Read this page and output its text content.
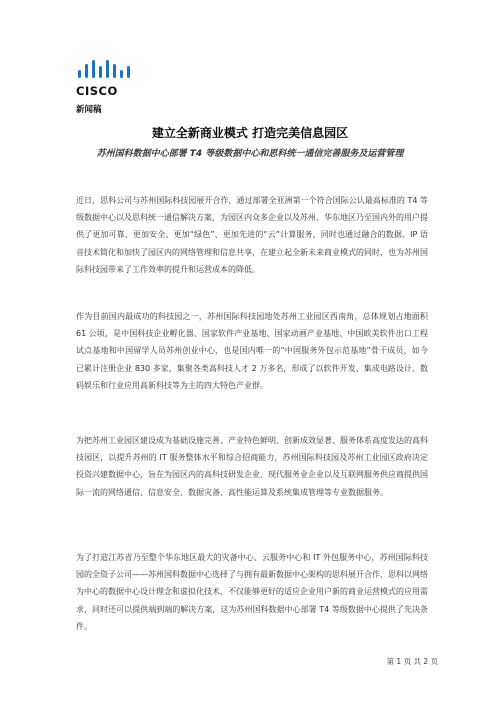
CISCO
新闻稿
建立全新商业模式 打造完美信息园区
苏州国科数据中心部署 T4 等级数据中心和思科统一通信完善服务及运营管理

近日，思科公司与苏州国际科技园展开合作，通过部署全亚洲第一个符合国际公认最高标准的 T4 等级数据中心以及思科统一通信解决方案，为园区内众多企业以及苏州、华东地区乃至国内外的用户提供了更加可靠、更加安全、更加“绿色”、更加先进的“云”计算服务，同时也通过融合的数据、IP 语音技术简化和加快了园区内的网络管理和信息共享，在建立起全新未来商业模式的同时，也为苏州国际科技园带来了工作效率的提升和运营成本的降低。

作为目前国内最成功的科技园之一，苏州国际科技园地处苏州工业园区西南角，总体规划占地面积 61 公顷，是中国科技企业孵化器、国家软件产业基地、国家动画产业基地、中国欧美软件出口工程试点基地和中国留学人员苏州创业中心，也是国内唯一的“中国服务外包示范基地”骨干成员，如今已累计注册企业 830 多家，集聚各类高科技人才 2 万多名，形成了以软件开发、集成电路设计、数码娱乐和行业应用高新科技等为主的四大特色产业群。

为把苏州工业园区建设成为基础设施完善、产业特色鲜明、创新成效显著、服务体系高度发达的高科技园区，以提升苏州的 IT 服务整体水平和综合招商能力，苏州国际科技园及苏州工业园区政府决定投资兴建数据中心，旨在为园区内的高科技研发企业、现代服务业企业以及互联网服务供应商提供国际一流的网络通信、信息安全、数据灾备、高性能运算及系统集成管理等专业数据服务。

为了打造江苏省乃至整个华东地区最大的灾备中心、云服务中心和 IT 外包服务中心，苏州国际科技园的全资子公司——苏州国科数据中心选择了与拥有最新数据中心架构的思科展开合作，思科以网络为中心的数据中心设计理念和虚拟化技术，不仅能够更好的适应企业用户新的商业运营模式的应用需求，同时还可以提供端到端的解决方案，这为苏州国科数据中心部署 T4 等级数据中心提供了先决条件。

第 1 页 共 2 页
